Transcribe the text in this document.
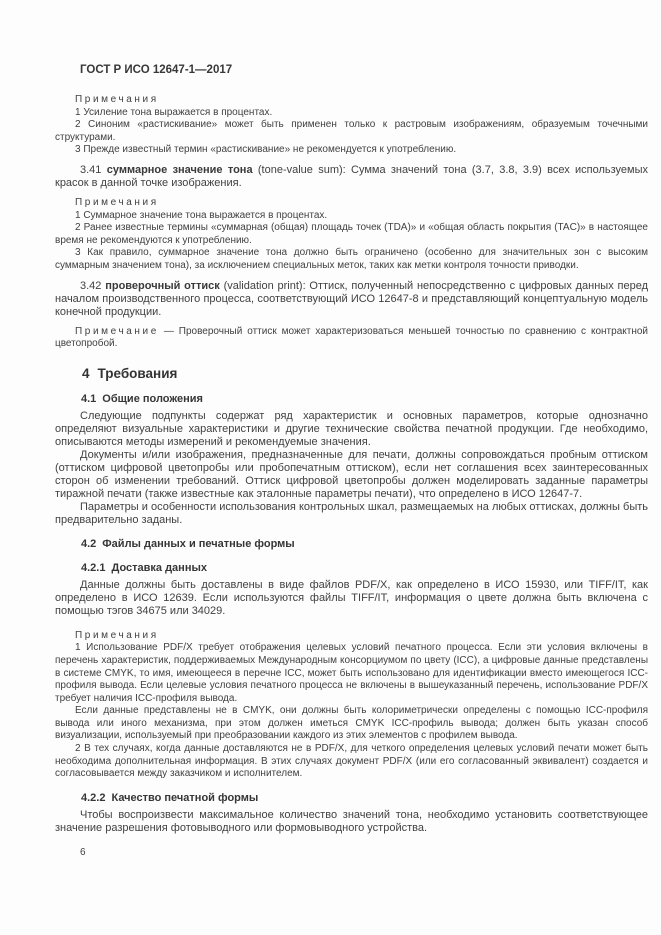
ГОСТ Р ИСО 12647-1—2017

Примечания

1 Усиление тона выражается в процентах.

2 Синоним «растискивание» может быть применен только к растровым изображениям, образуемым точечными структурами.

3 Прежде известный термин «растискивание» не рекомендуется к употреблению.

3.41 суммарное значение тона (tone-value sum): Сумма значений тона (3.7, 3.8, 3.9) всех используемых красок в данной точке изображения.

Примечания

1 Суммарное значение тона выражается в процентах.

2 Ранее известные термины «суммарная (общая) площадь точек (TDA)» и «общая область покрытия (TAC)» в настоящее время не рекомендуются к употреблению.

3 Как правило, суммарное значение тона должно быть ограничено (особенно для значительных зон с высоким суммарным значением тона), за исключением специальных меток, таких как метки контроля точности приводки.

3.42 проверочный оттиск (validation print): Оттиск, полученный непосредственно с цифровых данных перед началом производственного процесса, соответствующий ИСО 12647-8 и представляющий концептуальную модель конечной продукции.

Примечание — Проверочный оттиск может характеризоваться меньшей точностью по сравнению с контрактной цветопробой.

4 Требования
4.1 Общие положения

Следующие подпункты содержат ряд характеристик и основных параметров, которые однозначно определяют визуальные характеристики и другие технические свойства печатной продукции. Где необходимо, описываются методы измерений и рекомендуемые значения.

Документы и/или изображения, предназначенные для печати, должны сопровождаться пробным оттиском (оттиском цифровой цветопробы или пробопечатным оттиском), если нет соглашения всех заинтересованных сторон об изменении требований. Оттиск цифровой цветопробы должен моделировать заданные параметры тиражной печати (также известные как эталонные параметры печати), что определено в ИСО 12647-7.

Параметры и особенности использования контрольных шкал, размещаемых на любых оттисках, должны быть предварительно заданы.

4.2 Файлы данных и печатные формы
4.2.1 Доставка данных

Данные должны быть доставлены в виде файлов PDF/X, как определено в ИСО 15930, или TIFF/IT, как определено в ИСО 12639. Если используются файлы TIFF/IT, информация о цвете должна быть включена с помощью тэгов 34675 или 34029.

Примечания

1 Использование PDF/X требует отображения целевых условий печатного процесса. Если эти условия включены в перечень характеристик, поддерживаемых Международным консорциумом по цвету (ICC), а цифровые данные представлены в системе CMYK, то имя, имеющееся в перечне ICC, может быть использовано для идентификации вместо имеющегося ICC-профиля вывода. Если целевые условия печатного процесса не включены в вышеуказанный перечень, использование PDF/X требует наличия ICC-профиля вывода.

Если данные представлены не в CMYK, они должны быть колориметрически определены с помощью ICC-профиля вывода или иного механизма, при этом должен иметься CMYK ICC-профиль вывода; должен быть указан способ визуализации, используемый при преобразовании каждого из этих элементов с профилем вывода.

2 В тех случаях, когда данные доставляются не в PDF/X, для четкого определения целевых условий печати может быть необходима дополнительная информация. В этих случаях документ PDF/X (или его согласованный эквивалент) создается и согласовывается между заказчиком и исполнителем.

4.2.2 Качество печатной формы

Чтобы воспроизвести максимальное количество значений тона, необходимо установить соответствующее значение разрешения фотовыводного или формовыводного устройства.

6
